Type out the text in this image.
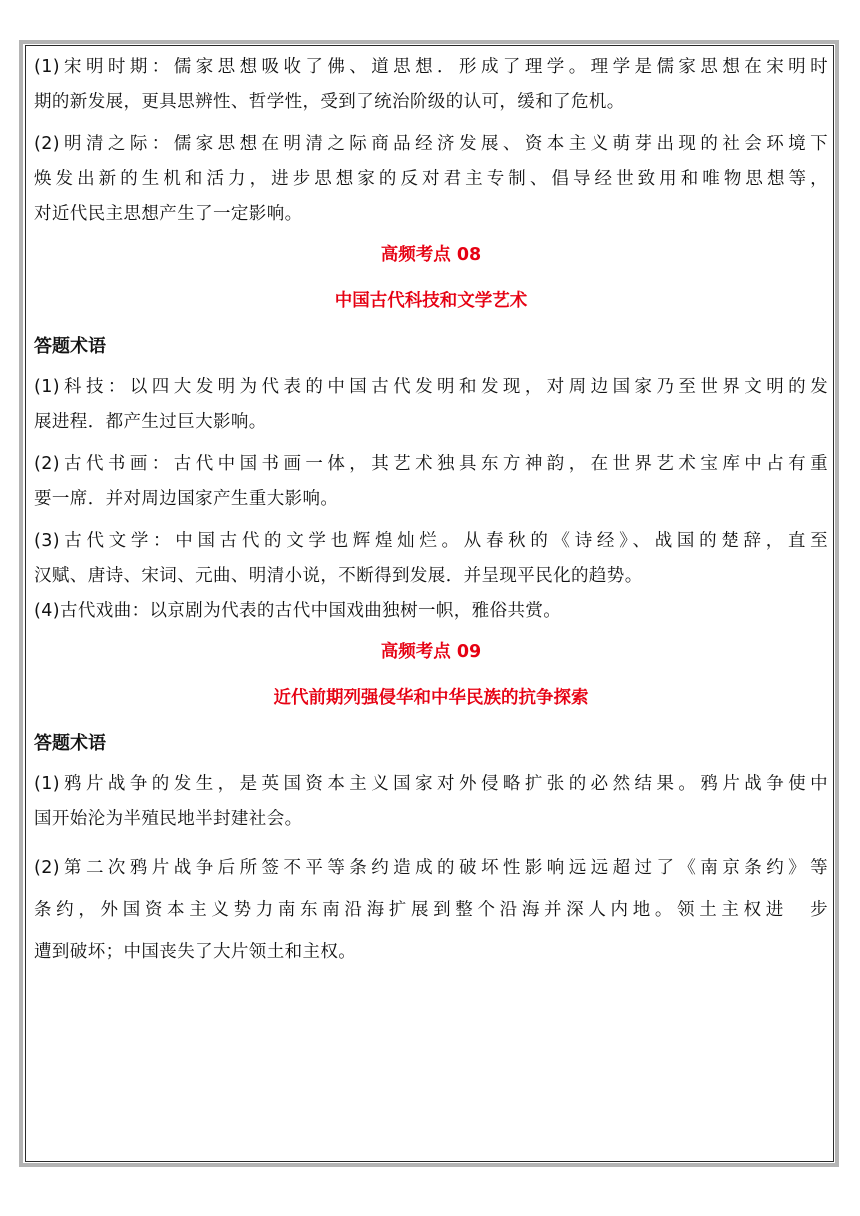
(1)宋明时期：儒家思想吸收了佛、道思想．形成了理学。理学是儒家思想在宋明时
期的新发展，更具思辨性、哲学性，受到了统治阶级的认可，缓和了危机。
(2)明清之际：儒家思想在明清之际商品经济发展、资本主义萌芽出现的社会环境下
焕发出新的生机和活力，进步思想家的反对君主专制、倡导经世致用和唯物思想等，
对近代民主思想产生了一定影响。
高频考点 08
中国古代科技和文学艺术
答题术语
(1)科技：以四大发明为代表的中国古代发明和发现，对周边国家乃至世界文明的发
展进程．都产生过巨大影响。
(2)古代书画：古代中国书画一体，其艺术独具东方神韵，在世界艺术宝库中占有重
要一席．并对周边国家产生重大影响。
(3)古代文学：中国古代的文学也辉煌灿烂。从春秋的《诗经》、战国的楚辞，直至
汉赋、唐诗、宋词、元曲、明清小说，不断得到发展．并呈现平民化的趋势。
(4)古代戏曲：以京剧为代表的古代中国戏曲独树一帜，雅俗共赏。
高频考点 09
近代前期列强侵华和中华民族的抗争探索
答题术语
(1)鸦片战争的发生，是英国资本主义国家对外侵略扩张的必然结果。鸦片战争使中
国开始沦为半殖民地半封建社会。
(2)第二次鸦片战争后所签不平等条约造成的破坏性影响远远超过了《南京条约》等
条约，外国资本主义势力南东南沿海扩展到整个沿海并深人内地。领土主权进　步
遭到破坏；中国丧失了大片领土和主权。
